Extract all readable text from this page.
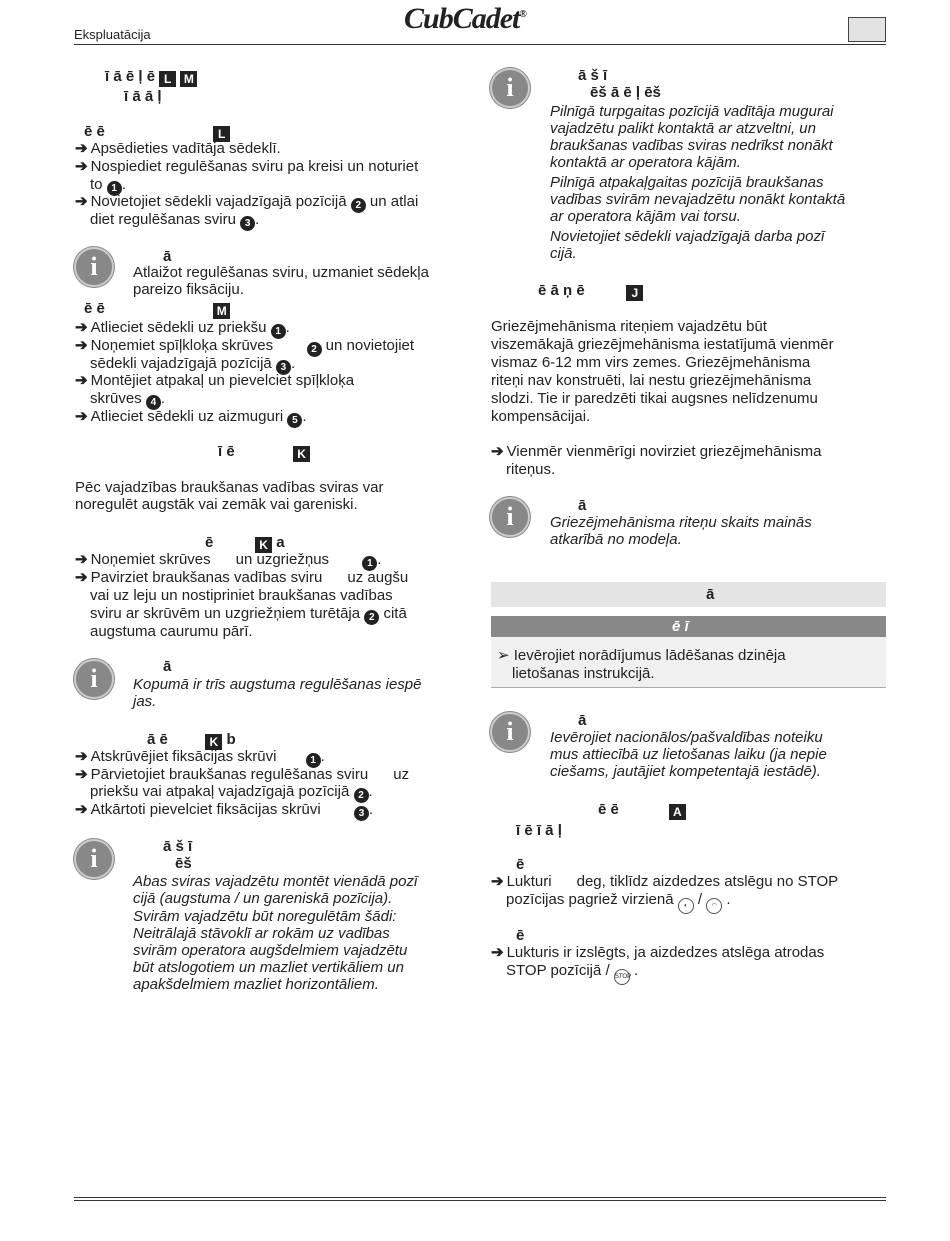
Ekspluatācija	CubCadet®
ī ā ē ļ ē L M
ī ā ā ļ
ē ē	L
➔ Apsēdieties vadītāja sēdeklī.
➔ Nospiediet regulēšanas sviru pa kreisi un noturiet
to 1 .
➔ Novietojiet sēdekli vajadzīgajā pozīcijā 2 un atlai
diet regulēšanas sviru 3 .
i	ā
Atlaižot regulēšanas sviru, uzmaniet sēdekļa
pareizo fiksāciju.
ē ē	M
➔ Atlieciet sēdekli uz priekšu 1 .
➔ Noņemiet spīļkloķa skrūves	2 un novietojiet
sēdekli vajadzīgajā pozīcijā 3 .
➔ Montējiet atpakaļ un pievelciet spīļkloķa
skrūves 4 .
➔ Atlieciet sēdekli uz aizmuguri 5 .
ī ē	K
Pēc vajadzības braukšanas vadības sviras var
noregulēt augstāk vai zemāk vai gareniski.
ē	K a
➔ Noņemiet skrūves un uzgriežņus	1 .
➔ Pavirziet braukšanas vadības sviru uz augšu
vai uz leju un nostipriniet braukšanas vadības
sviru ar skrūvēm un uzgriežņiem turētāja 2 citā
augstuma caurumu pārī.
i	ā
Kopumā ir trīs augstuma regulēšanas iespē
jas.
ā ē	K b
➔ Atskrūvējiet fiksācijas skrūvi	1 .
➔ Pārvietojiet braukšanas regulēšanas sviru uz
priekšu vai atpakaļ vajadzīgajā pozīcijā 2 .
➔ Atkārtoti pievelciet fiksācijas skrūvi	3 .
i	ā š ī
ēš
Abas sviras vajadzētu montēt vienādā pozī
cijā (augstuma / un gareniskā pozīcija).
Svirām vajadzētu būt noregulētām šādi:
Neitrālajā stāvoklī ar rokām uz vadības
svirām operatora augšdelmiem vajadzētu
būt atslogotiem un mazliet vertikāliem un
apakšdelmiem mazliet horizontāliem.
i	ā š ī
ēš ā ē ļ ēš
Pilnīgā turpgaitas pozīcijā vadītāja mugurai
vajadzētu palikt kontaktā ar atzveltni, un
braukšanas vadības sviras nedrīkst nonākt
kontaktā ar operatora kājām.
Pilnīgā atpakaļgaitas pozīcijā braukšanas
vadības svirām nevajadzētu nonākt kontaktā
ar operatora kājām vai torsu.
Novietojiet sēdekli vajadzīgajā darba pozī
cijā.
ē ā ņ ē	J
Griezējmehānisma riteņiem vajadzētu būt
viszemākajā griezējmehānisma iestatījumā vienmēr
vismaz 6-12 mm virs zemes. Griezējmehānisma
riteņi nav konstruēti, lai nestu griezējmehānisma
slodzi. Tie ir paredzēti tikai augsnes nelīdzenumu
kompensācijai.
➔ Vienmēr vienmērīgi novirziet griezējmehānisma
riteņus.
i	ā
Griezējmehānisma riteņu skaits mainās
atkarībā no modeļa.
ā
ē ī
➢ Ievērojiet norādījumus lādēšanas dzinēja
lietošanas instrukcijā.
i	ā
Ievērojiet nacionālos/pašvaldības noteiku
mus attiecībā uz lietošanas laiku (ja nepie
ciešams, jautājiet kompetentajā iestādē).
ē ē	A
ī ē ī ā ļ
ē
➔ Lukturi deg, tiklīdz aizdedzes atslēgu no STOP
pozīcijas pagriež virzienā ◐ / ◠ .
ē
➔ Lukturis ir izslēgts, ja aizdedzes atslēga atrodas
STOP pozīcijā / STOP .
